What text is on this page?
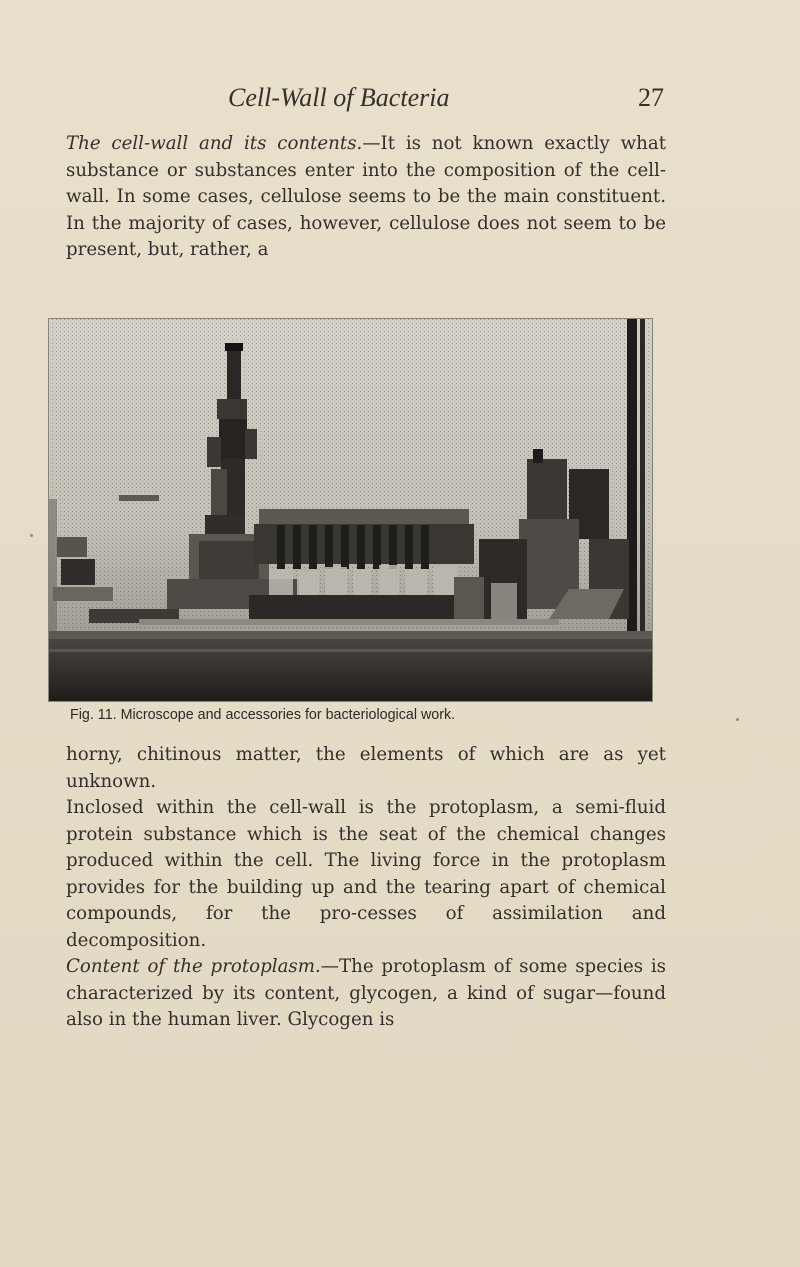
Cell-Wall of Bacteria	27
The cell-wall and its contents.—It is not known exactly what substance or substances enter into the composition of the cell-wall. In some cases, cellulose seems to be the main constituent. In the majority of cases, however, cellulose does not seem to be present, but, rather, a
Fig. 11. Microscope and accessories for bacteriological work.
horny, chitinous matter, the elements of which are as yet unknown.
Inclosed within the cell-wall is the protoplasm, a semi-fluid protein substance which is the seat of the chemical changes produced within the cell. The living force in the protoplasm provides for the building up and the tearing apart of chemical compounds, for the pro-cesses of assimilation and decomposition.
Content of the protoplasm.—The protoplasm of some species is characterized by its content, glycogen, a kind of sugar—found also in the human liver. Glycogen is
